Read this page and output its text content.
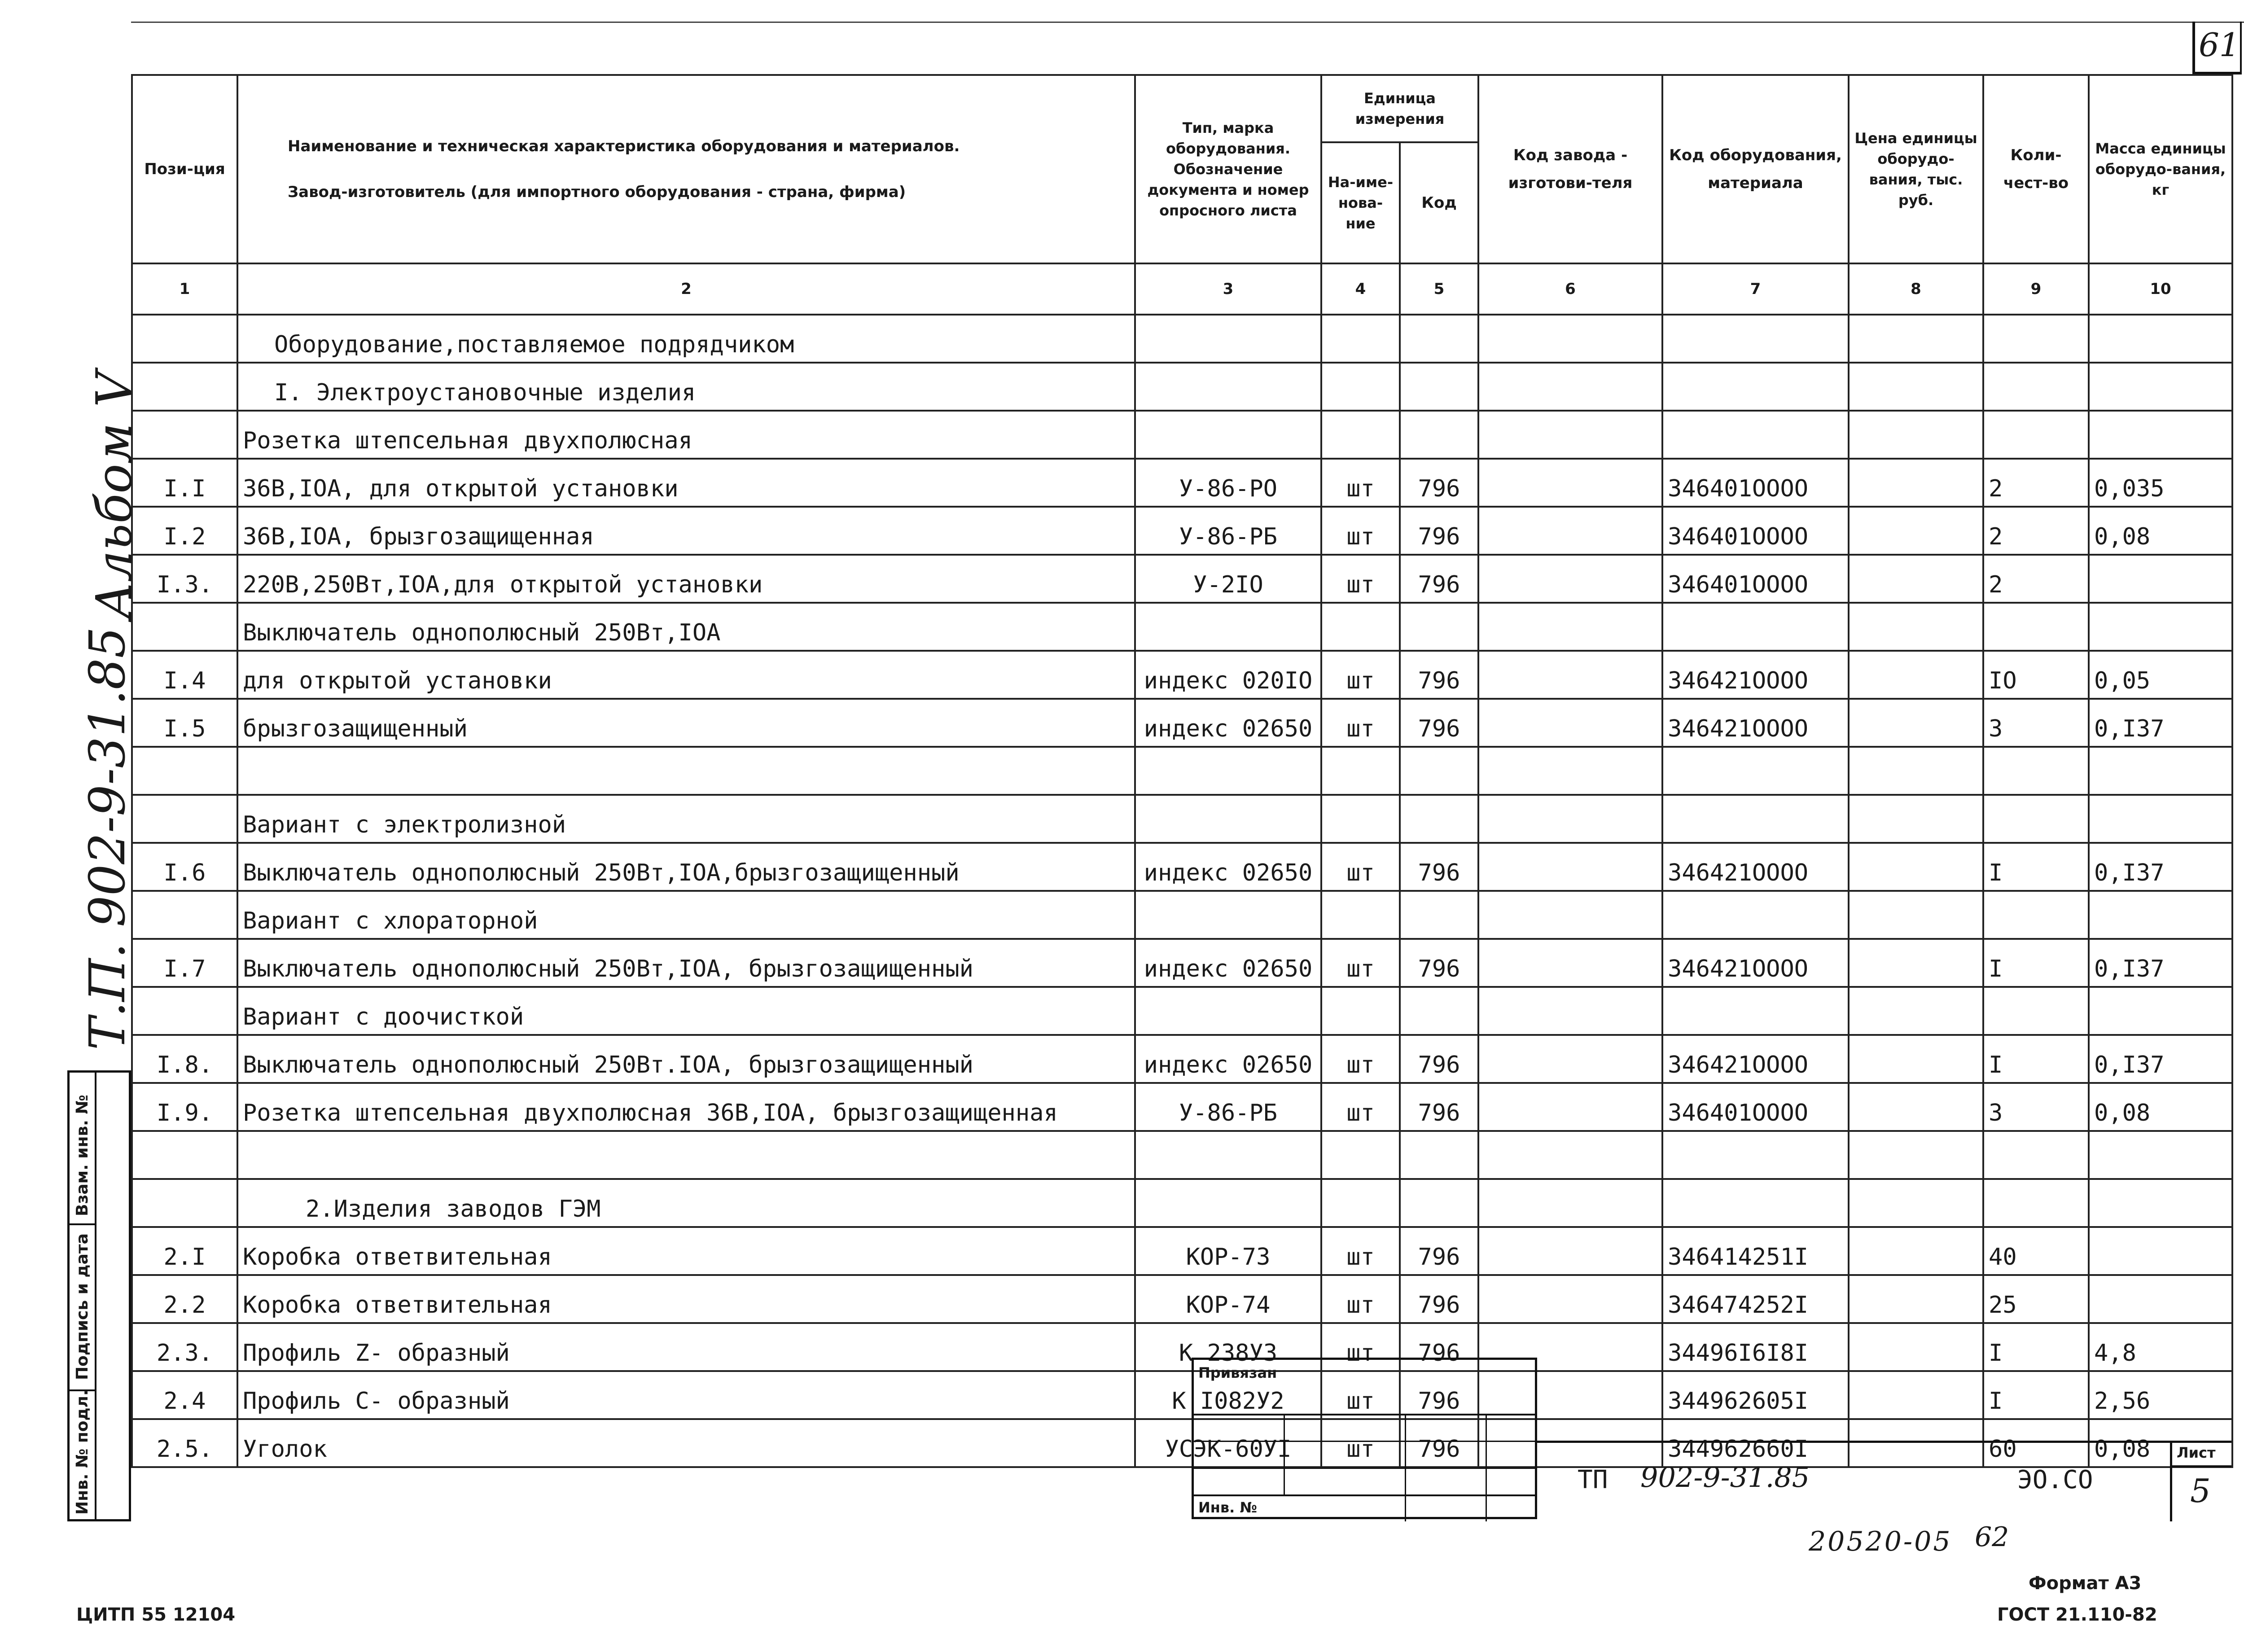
61
Альбом V
Т.П. 902-9-31.85
Взам. инв. №
Подпись и дата
Инв. № подл.
Пози-ция	Наименование и техническая характеристика оборудования и материалов.
Завод-изготовитель (для импортного оборудования - страна, фирма)	Тип, марка оборудования. Обозначение документа и номер опросного листа	Единица измерения		Код завода - изготови-теля	Код оборудования, материала	Цена единицы оборудо-вания, тыс. руб.	Коли-чест-во	Масса единицы оборудо-вания, кг
			На-име-нова-ние	Код					
1	2	3	4	5	6	7	8	9	10
	Оборудование,поставляемое подрядчиком								
	I. Электроустановочные изделия								
	Розетка штепсельная двухполюсная								
I.I	36В,IOA, для открытой установки	У-86-РО	шт	796		346401OOOO		2	0,035
I.2	36В,IOA, брызгозащищенная	У-86-РБ	шт	796		346401OOOO		2	0,08
I.3.	220В,250Вт,IOA,для открытой установки	У-2IO	шт	796		346401OOOO		2	
	Выключатель однополюсный 250Вт,IOA								
I.4	для открытой установки	индекс 020IO	шт	796		346421OOOO		IO	0,05
I.5	брызгозащищенный	индекс 02650	шт	796		346421OOOO		3	0,I37

	Вариант с электролизной								
I.6	Выключатель однополюсный 250Вт,IOA,брызгозащищенный	индекс 02650	шт	796		346421OOOO		I	0,I37
	Вариант с хлораторной								
I.7	Выключатель однополюсный 250Вт,IOA, брызгозащищенный	индекс 02650	шт	796		346421OOOO		I	0,I37
	Вариант с доочисткой								
I.8.	Выключатель однополюсный 250Вт.IOA, брызгозащищенный	индекс 02650	шт	796		346421OOOO		I	0,I37
I.9.	Розетка штепсельная двухполюсная 36В,IOA, брызгозащищенная	У-86-РБ	шт	796		346401OOOO		3	0,08

	2.Изделия заводов ГЭМ								
2.I	Коробка ответвительная	КОР-73	шт	796		346414251I		40	
2.2	Коробка ответвительная	КОР-74	шт	796		346474252I		25	
2.3.	Профиль Z- образный	К 238У3	шт	796		34496I6I8I		I	4,8
2.4	Профиль С- образный	К I082У2	шт	796		344962605I		I	2,56
2.5.	Уголок	УСЭК-60УI	шт	796		344962660I		60	0,08

Привязан
Инв. №
ТП 902-9-31.85	ЭО.СО
Лист
5
20520-05 62
Формат А3
ГОСТ 21.110-82
ЦИТП 55 12104
